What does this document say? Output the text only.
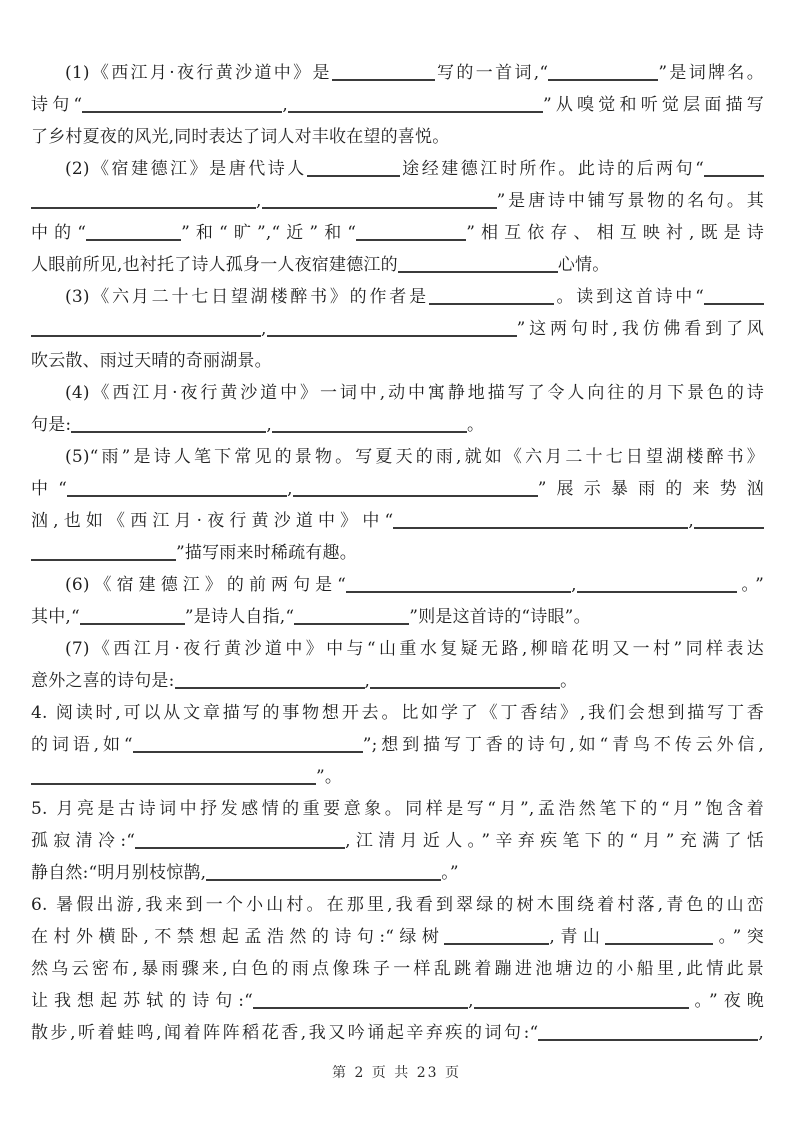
(1)《西江月·夜行黄沙道中》是	写的一首词,“	”是词牌名。
诗句“	,	”从嗅觉和听觉层面描写
了乡村夏夜的风光,同时表达了词人对丰收在望的喜悦。
(2)《宿建德江》是唐代诗人	途经建德江时所作。此诗的后两句“
,	”是唐诗中铺写景物的名句。其
中的“	”和“旷”,“近”和“	”相互依存、相互映衬,既是诗
人眼前所见,也衬托了诗人孤身一人夜宿建德江的	心情。
(3)《六月二十七日望湖楼醉书》的作者是	。读到这首诗中“
,	”这两句时,我仿佛看到了风
吹云散、雨过天晴的奇丽湖景。
(4)《西江月·夜行黄沙道中》一词中,动中寓静地描写了令人向往的月下景色的诗
句是:	,	。
(5)“雨”是诗人笔下常见的景物。写夏天的雨,就如《六月二十七日望湖楼醉书》
中“	,	”展示暴雨的来势汹
汹,也如《西江月·夜行黄沙道中》中“	,
”描写雨来时稀疏有趣。
(6)《宿建德江》的前两句是“	,	。”
其中,“	”是诗人自指,“	”则是这首诗的“诗眼”。
(7)《西江月·夜行黄沙道中》中与“山重水复疑无路,柳暗花明又一村”同样表达
意外之喜的诗句是:	,	。
4. 阅读时,可以从文章描写的事物想开去。比如学了《丁香结》,我们会想到描写丁香
的词语,如“	”;想到描写丁香的诗句,如“青鸟不传云外信,
”。
5. 月亮是古诗词中抒发感情的重要意象。同样是写“月”,孟浩然笔下的“月”饱含着
孤寂清冷:“	,江清月近人。”辛弃疾笔下的“月”充满了恬
静自然:“明月别枝惊鹊,	。”
6. 暑假出游,我来到一个小山村。在那里,我看到翠绿的树木围绕着村落,青色的山峦
在村外横卧,不禁想起孟浩然的诗句:“绿树	,青山	。”突
然乌云密布,暴雨骤来,白色的雨点像珠子一样乱跳着蹦进池塘边的小船里,此情此景
让我想起苏轼的诗句:“	,	。”夜晚
散步,听着蛙鸣,闻着阵阵稻花香,我又吟诵起辛弃疾的词句:“	,
第 2 页 共 23 页
